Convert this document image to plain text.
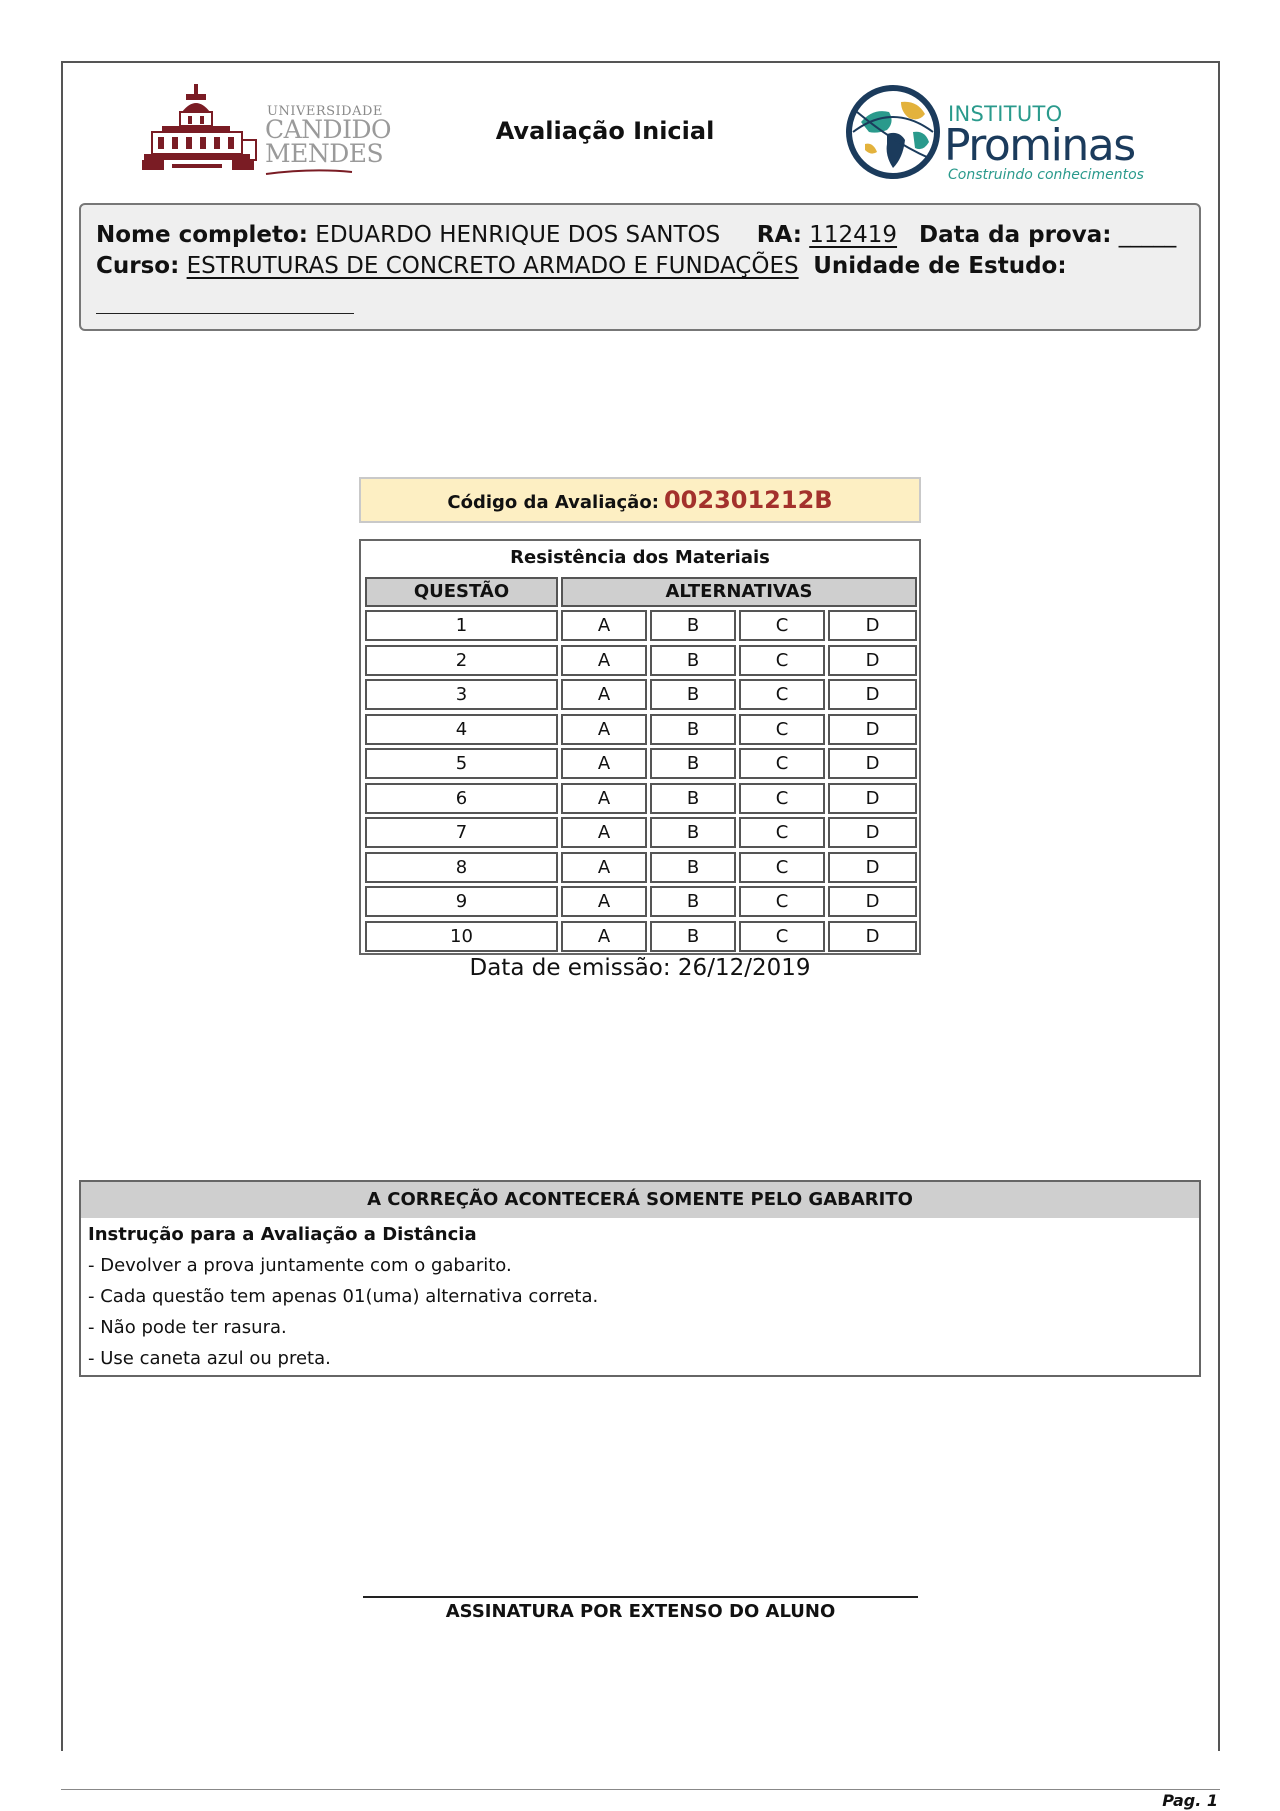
UNIVERSIDADE
CANDIDO
MENDES
Avaliação Inicial
INSTITUTO
Prominas
Construindo conhecimentos
Nome completo: EDUARDO HENRIQUE DOS SANTOS RA: 112419 Data da prova: _____
Curso: ESTRUTURAS DE CONCRETO ARMADO E FUNDAÇÕES Unidade de Estudo:
Código da Avaliação: 002301212B
Resistência dos Materiais
QUESTÃO	ALTERNATIVAS
1	A	B	C	D
2	A	B	C	D
3	A	B	C	D
4	A	B	C	D
5	A	B	C	D
6	A	B	C	D
7	A	B	C	D
8	A	B	C	D
9	A	B	C	D
10	A	B	C	D
Data de emissão: 26/12/2019
A CORREÇÃO ACONTECERÁ SOMENTE PELO GABARITO
Instrução para a Avaliação a Distância
- Devolver a prova juntamente com o gabarito.
- Cada questão tem apenas 01(uma) alternativa correta.
- Não pode ter rasura.
- Use caneta azul ou preta.
ASSINATURA POR EXTENSO DO ALUNO
Pag. 1
